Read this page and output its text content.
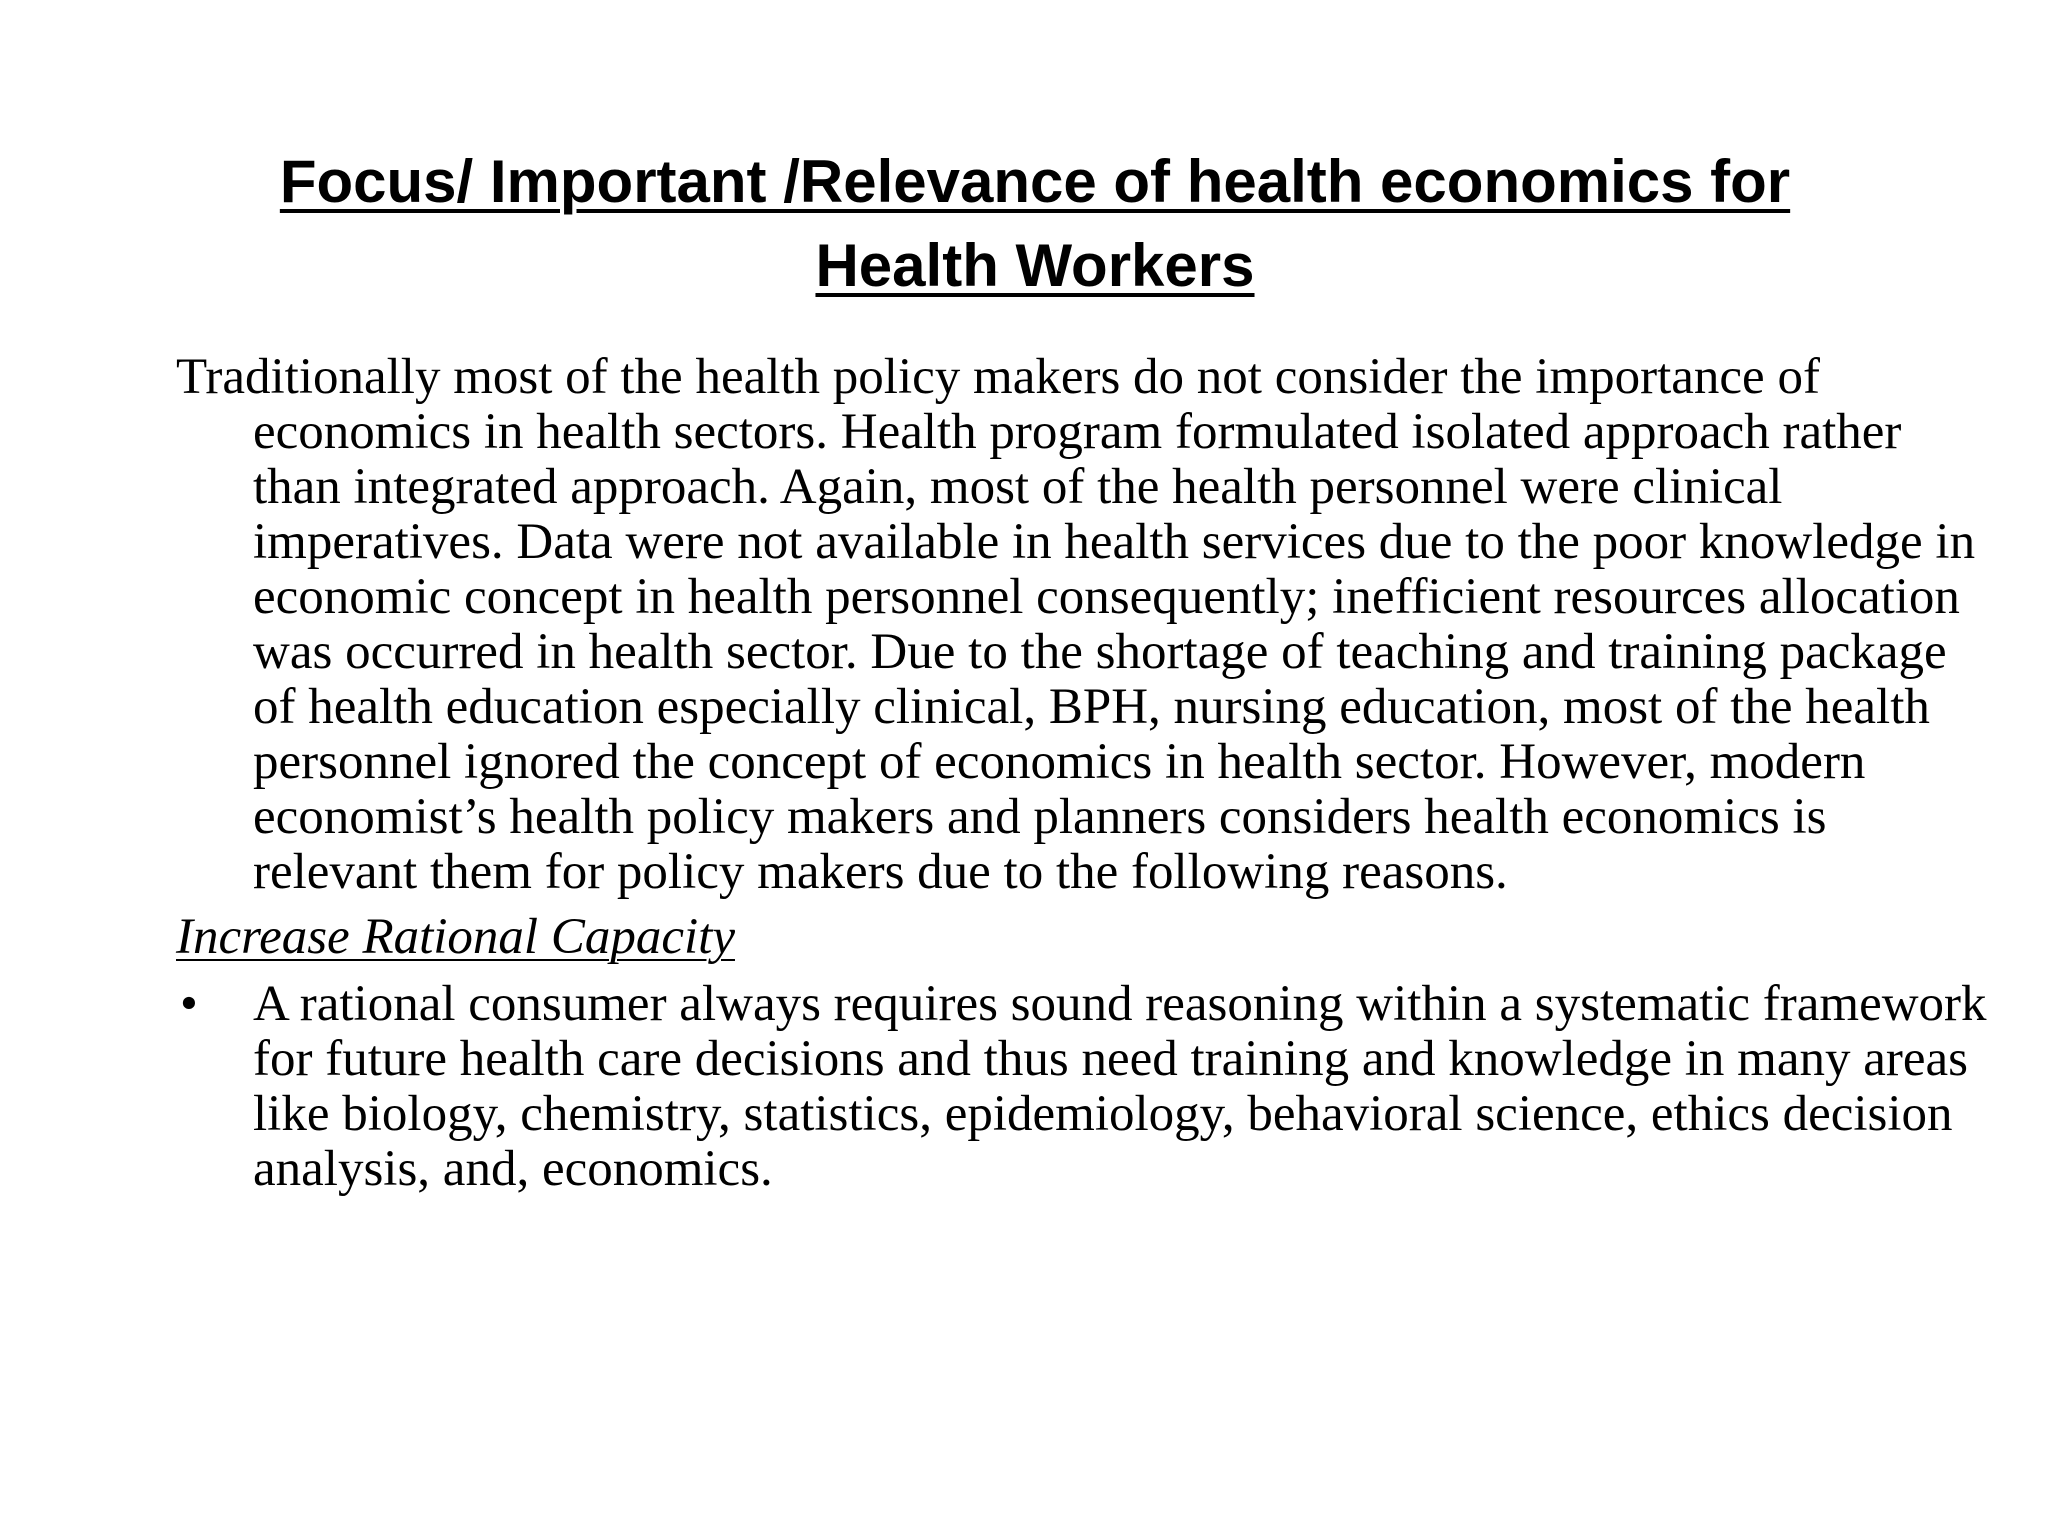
Focus/ Important /Relevance of health economics for
Health Workers

Traditionally most of the health policy makers do not consider the importance of economics in health sectors. Health program formulated isolated approach rather than integrated approach. Again, most of the health personnel were clinical imperatives. Data were not available in health services due to the poor knowledge in economic concept in health personnel consequently; inefficient resources allocation was occurred in health sector. Due to the shortage of teaching and training package of health education especially clinical, BPH, nursing education, most of the health personnel ignored the concept of economics in health sector. However, modern economist’s health policy makers and planners considers health economics is relevant them for policy makers due to the following reasons.

Increase Rational Capacity
• A rational consumer always requires sound reasoning within a systematic framework for future health care decisions and thus need training and knowledge in many areas like biology, chemistry, statistics, epidemiology, behavioral science, ethics decision analysis, and, economics.
